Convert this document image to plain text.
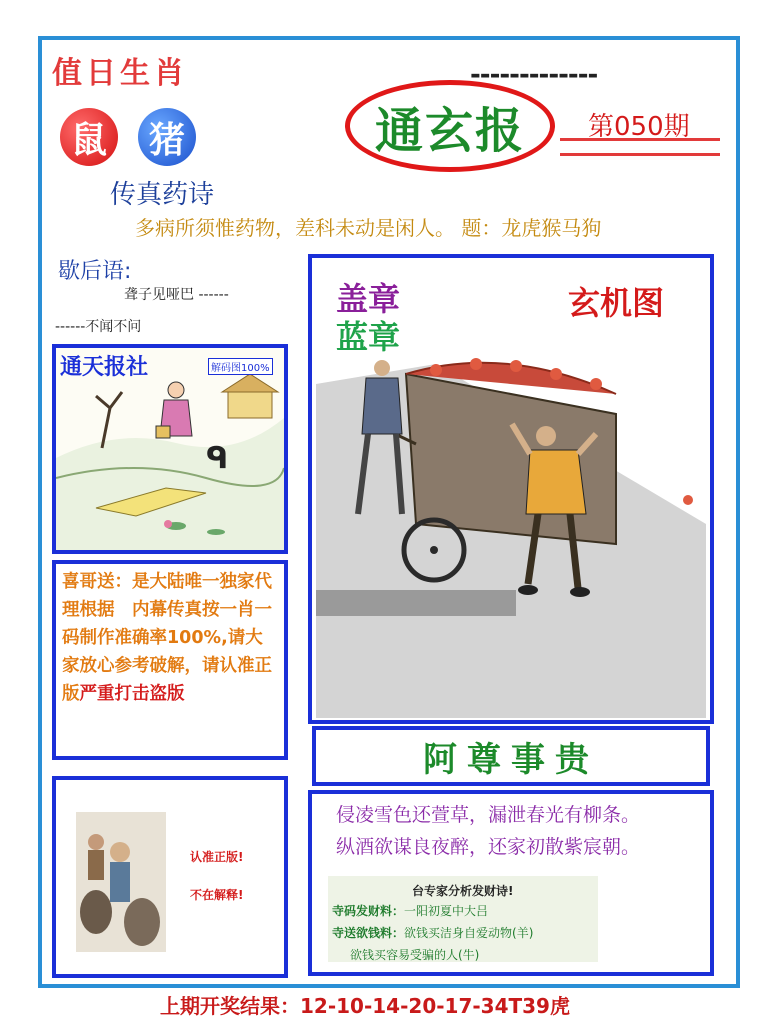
值日生肖	-------------
鼠	猪
传真药诗
通玄报 第050期
多病所须惟药物，差科未动是闲人。 题：龙虎猴马狗
歇后语:
聋子见哑巴 ------
------不闻不问
ᑫ
通天报社	解码图100%
喜哥送：是大陆唯一独家代理根据　内幕传真按一肖一码制作准确率100%,请大家放心参考破解，请认准正版严重打击盗版
认准正版!
不在解释!
盖章
蓝章
玄机图
阿尊事贵
侵凌雪色还萱草，漏泄春光有柳条。
纵酒欲谋良夜醉，还家初散紫宸朝。
台专家分析发财诗!
寺码发财料：一阳初夏中大吕
寺送欲钱料：欲钱买洁身自爱动物(羊)
欲钱买容易受骗的人(牛)
上期开奖结果：12-10-14-20-17-34T39虎
